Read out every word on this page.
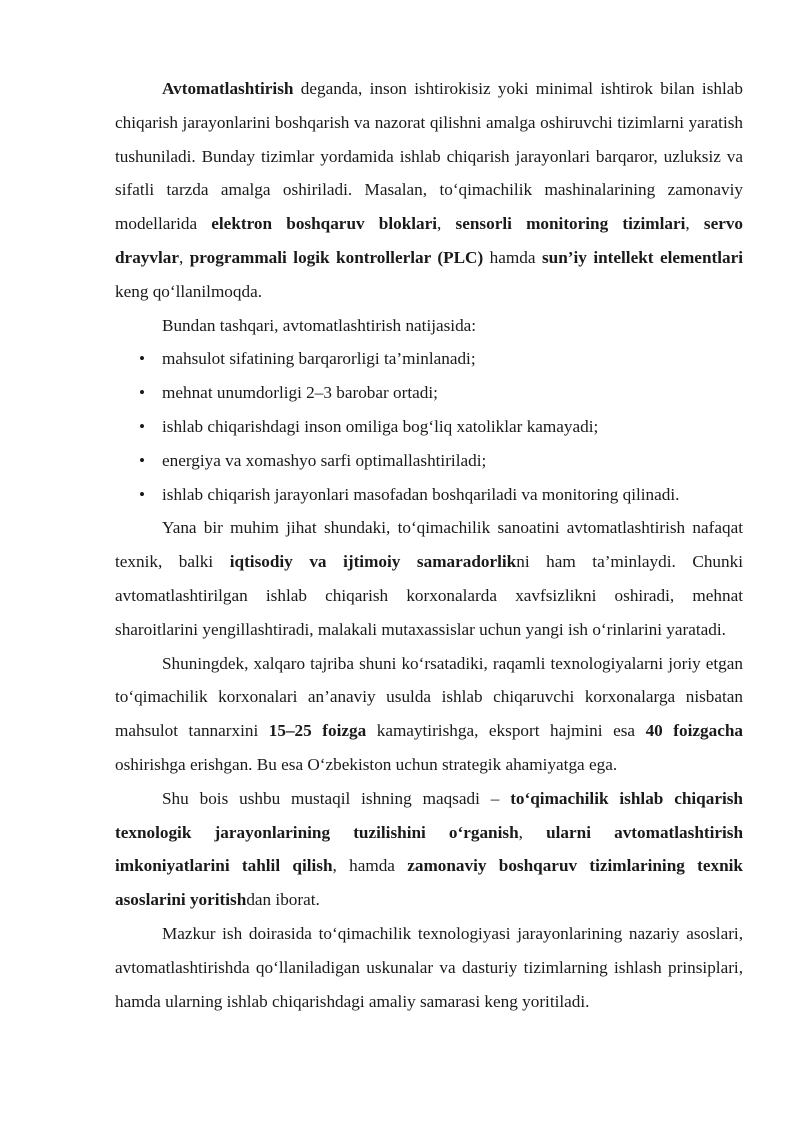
Avtomatlashtirish deganda, inson ishtirokisiz yoki minimal ishtirok bilan ishlab chiqarish jarayonlarini boshqarish va nazorat qilishni amalga oshiruvchi tizimlarni yaratish tushuniladi. Bunday tizimlar yordamida ishlab chiqarish jarayonlari barqaror, uzluksiz va sifatli tarzda amalga oshiriladi. Masalan, to‘qimachilik mashinalarining zamonaviy modellarida elektron boshqaruv bloklari, sensorli monitoring tizimlari, servo drayvlar, programmali logik kontrollerlar (PLC) hamda sun’iy intellekt elementlari keng qo‘llanilmoqda.

Bundan tashqari, avtomatlashtirish natijasida:

• mahsulot sifatining barqarorligi ta’minlanadi;
• mehnat unumdorligi 2–3 barobar ortadi;
• ishlab chiqarishdagi inson omiliga bog‘liq xatoliklar kamayadi;
• energiya va xomashyo sarfi optimallashtiriladi;
• ishlab chiqarish jarayonlari masofadan boshqariladi va monitoring qilinadi.

Yana bir muhim jihat shundaki, to‘qimachilik sanoatini avtomatlashtirish nafaqat texnik, balki iqtisodiy va ijtimoiy samaradorlikni ham ta’minlaydi. Chunki avtomatlashtirilgan ishlab chiqarish korxonalarda xavfsizlikni oshiradi, mehnat sharoitlarini yengillashtiradi, malakali mutaxassislar uchun yangi ish o‘rinlarini yaratadi.

Shuningdek, xalqaro tajriba shuni ko‘rsatadiki, raqamli texnologiyalarni joriy etgan to‘qimachilik korxonalari an’anaviy usulda ishlab chiqaruvchi korxonalarga nisbatan mahsulot tannarxini 15–25 foizga kamaytirishga, eksport hajmini esa 40 foizgacha oshirishga erishgan. Bu esa O‘zbekiston uchun strategik ahamiyatga ega.

Shu bois ushbu mustaqil ishning maqsadi – to‘qimachilik ishlab chiqarish texnologik jarayonlarining tuzilishini o‘rganish, ularni avtomatlashtirish imkoniyatlarini tahlil qilish, hamda zamonaviy boshqaruv tizimlarining texnik asoslarini yoritishdan iborat.

Mazkur ish doirasida to‘qimachilik texnologiyasi jarayonlarining nazariy asoslari, avtomatlashtirishda qo‘llaniladigan uskunalar va dasturiy tizimlarning ishlash prinsiplari, hamda ularning ishlab chiqarishdagi amaliy samarasi keng yoritiladi.
